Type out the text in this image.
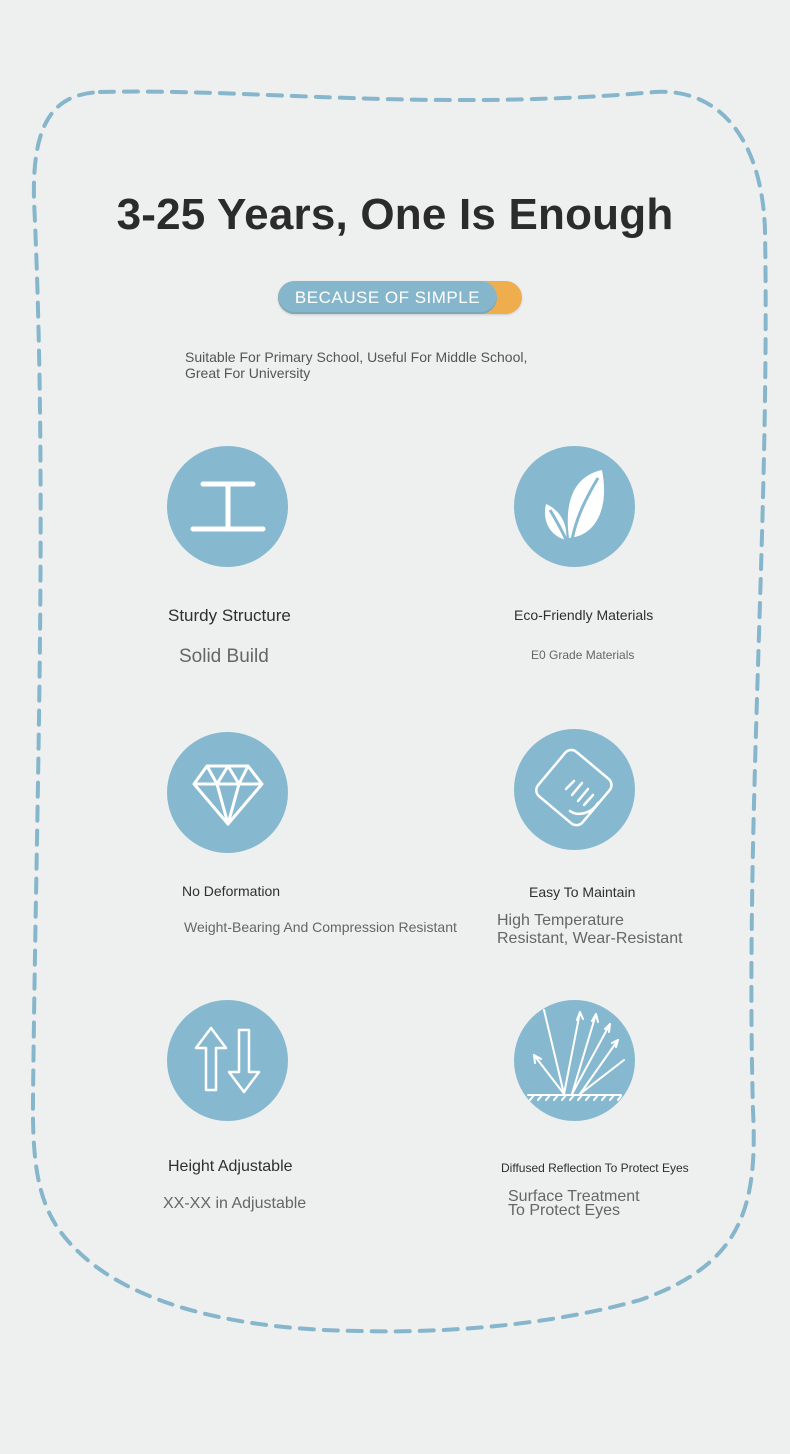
3-25 Years, One Is Enough
BECAUSE OF SIMPLE

Suitable For Primary School, Useful For Middle School,
Great For University

Sturdy Structure

Solid Build

Eco-Friendly Materials

E0 Grade Materials

No Deformation

Weight-Bearing And Compression Resistant

Easy To Maintain

High Temperature
Resistant, Wear-Resistant

Height Adjustable

XX-XX in Adjustable

Diffused Reflection To Protect Eyes

Surface Treatment
To Protect Eyes
